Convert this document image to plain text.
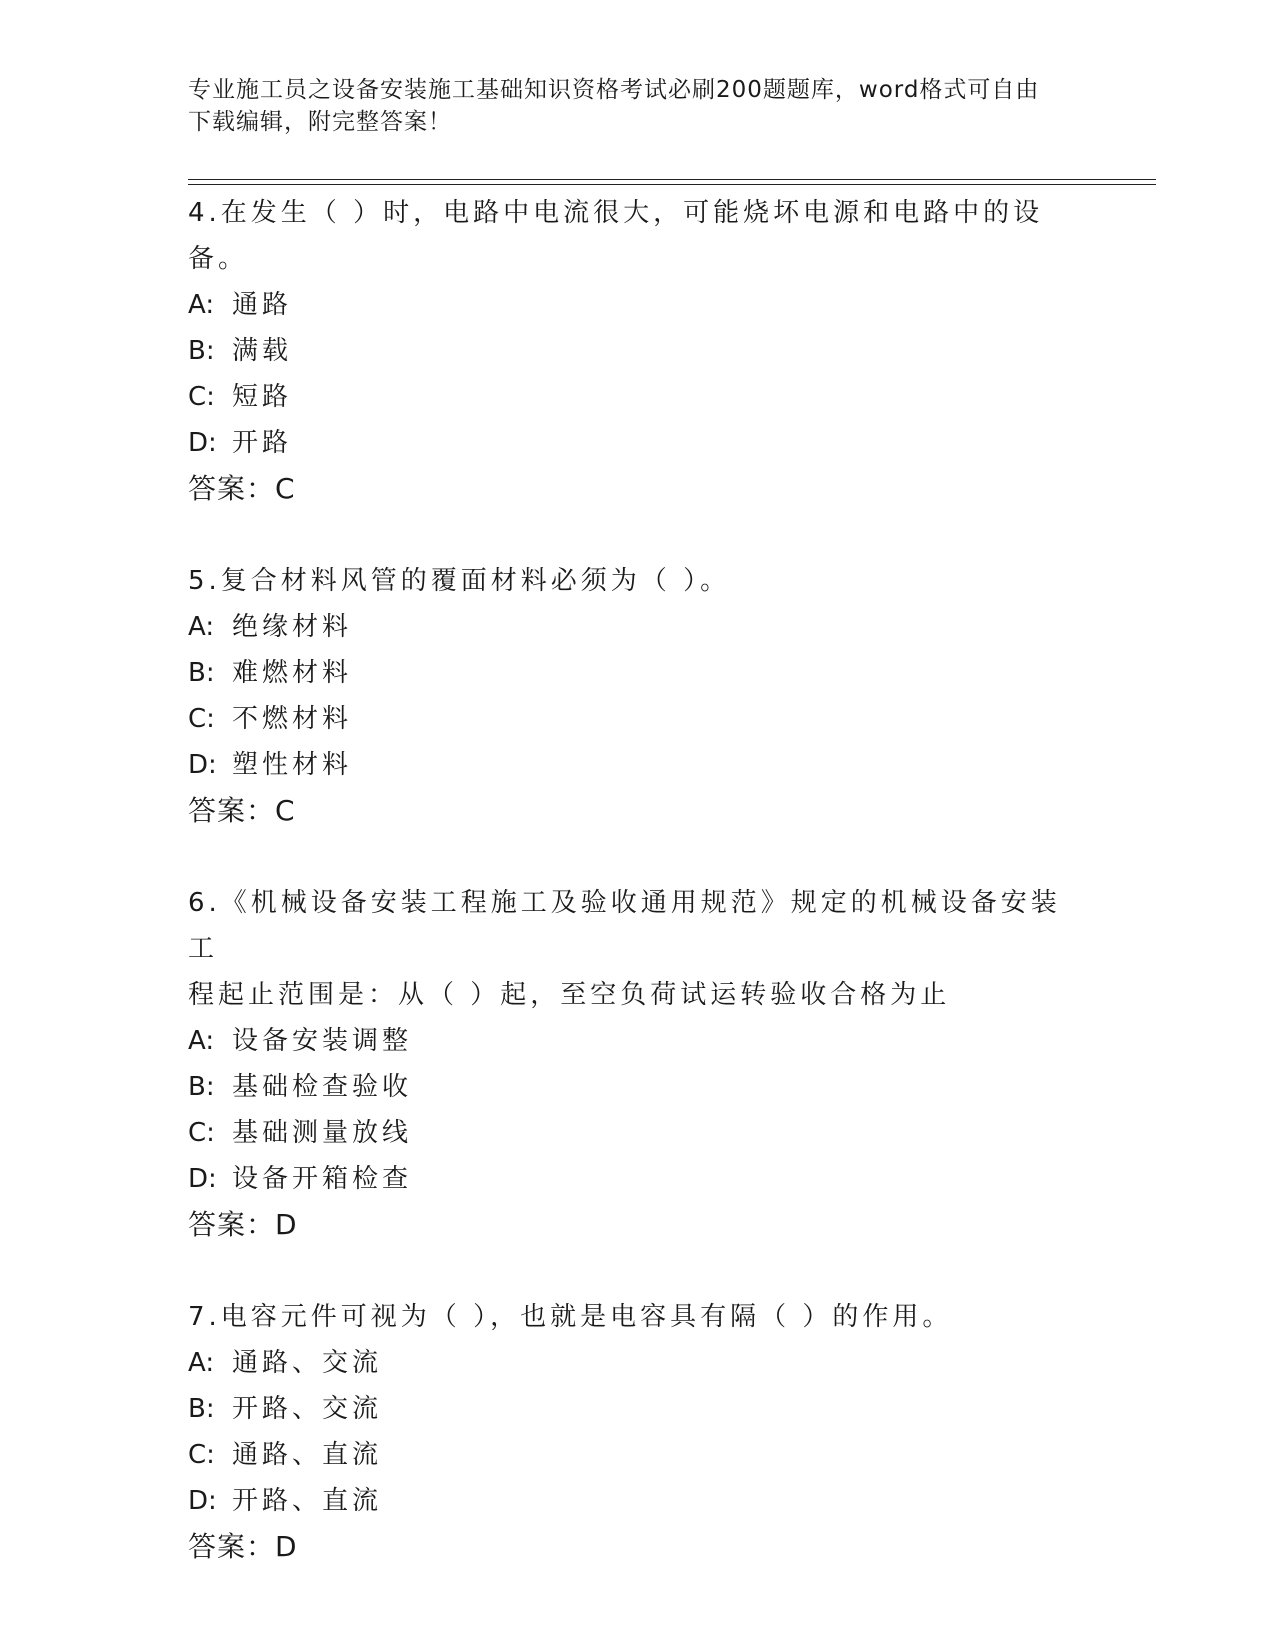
专业施工员之设备安装施工基础知识资格考试必刷200题题库，word格式可自由
下载编辑，附完整答案！

4.在发生（ ）时，电路中电流很大，可能烧坏电源和电路中的设备。

A: 通路

B: 满载

C: 短路

D: 开路

答案：C

5.复合材料风管的覆面材料必须为（ ）。

A: 绝缘材料

B: 难燃材料

C: 不燃材料

D: 塑性材料

答案：C

6.《机械设备安装工程施工及验收通用规范》规定的机械设备安装工

程起止范围是：从（ ）起，至空负荷试运转验收合格为止

A: 设备安装调整

B: 基础检查验收

C: 基础测量放线

D: 设备开箱检查

答案：D

7.电容元件可视为（ ），也就是电容具有隔（ ）的作用。

A: 通路、交流

B: 开路、交流

C: 通路、直流

D: 开路、直流

答案：D
